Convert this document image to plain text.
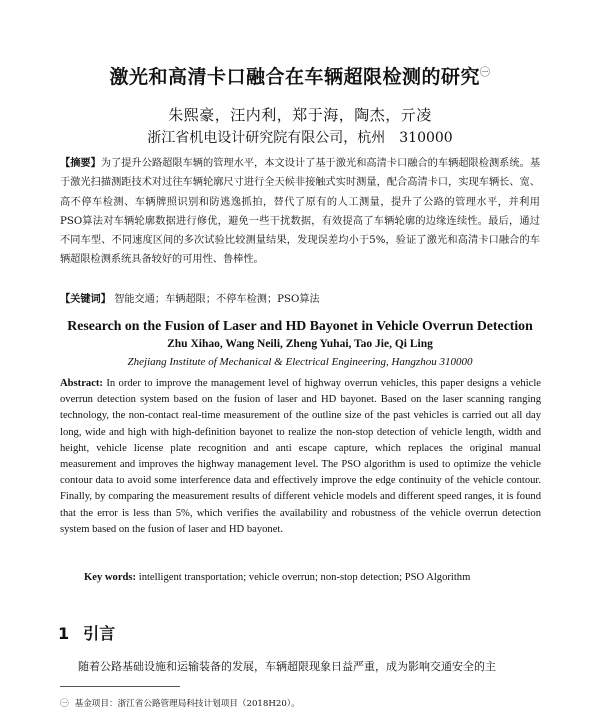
激光和高清卡口融合在车辆超限检测的研究$^㊀$
朱熙豪，汪内利，郑于海，陶杰，亓凌
浙江省机电设计研究院有限公司，杭州　310000
【摘要】为了提升公路超限车辆的管理水平，本文设计了基于激光和高清卡口融合的车辆超限检测系统。基于激光扫描测距技术对过往车辆轮廓尺寸进行全天候非接触式实时测量，配合高清卡口，实现车辆长、宽、高不停车检测、车辆牌照识别和防逃逸抓拍，替代了原有的人工测量，提升了公路的管理水平，并利用PSO算法对车辆轮廓数据进行修优，避免一些干扰数据，有效提高了车辆轮廓的边缘连续性。最后，通过不同车型、不同速度区间的多次试验比较测量结果，发现误差均小于5%，验证了激光和高清卡口融合的车辆超限检测系统具备较好的可用性、鲁棒性。
【关键词】 智能交通；车辆超限；不停车检测；PSO算法
Research on the Fusion of Laser and HD Bayonet in Vehicle Overrun Detection
Zhu Xihao, Wang Neili, Zheng Yuhai, Tao Jie, Qi Ling
Zhejiang Institute of Mechanical & Electrical Engineering, Hangzhou 310000
Abstract: In order to improve the management level of highway overrun vehicles, this paper designs a vehicle overrun detection system based on the fusion of laser and HD bayonet. Based on the laser scanning ranging technology, the non-contact real-time measurement of the outline size of the past vehicles is carried out all day long, wide and high with high-definition bayonet to realize the non-stop detection of vehicle length, width and height, vehicle license plate recognition and anti escape capture, which replaces the original manual measurement and improves the highway management level. The PSO algorithm is used to optimize the vehicle contour data to avoid some interference data and effectively improve the edge continuity of the vehicle contour. Finally, by comparing the measurement results of different vehicle models and different speed ranges, it is found that the error is less than 5%, which verifies the availability and robustness of the vehicle overrun detection system based on the fusion of laser and HD bayonet.
Key words: intelligent transportation; vehicle overrun; non-stop detection; PSO Algorithm
1 引言
随着公路基础设施和运输装备的发展，车辆超限现象日益严重，成为影响交通安全的主
㊀ 基金项目：浙江省公路管理局科技计划项目（2018H20）。
